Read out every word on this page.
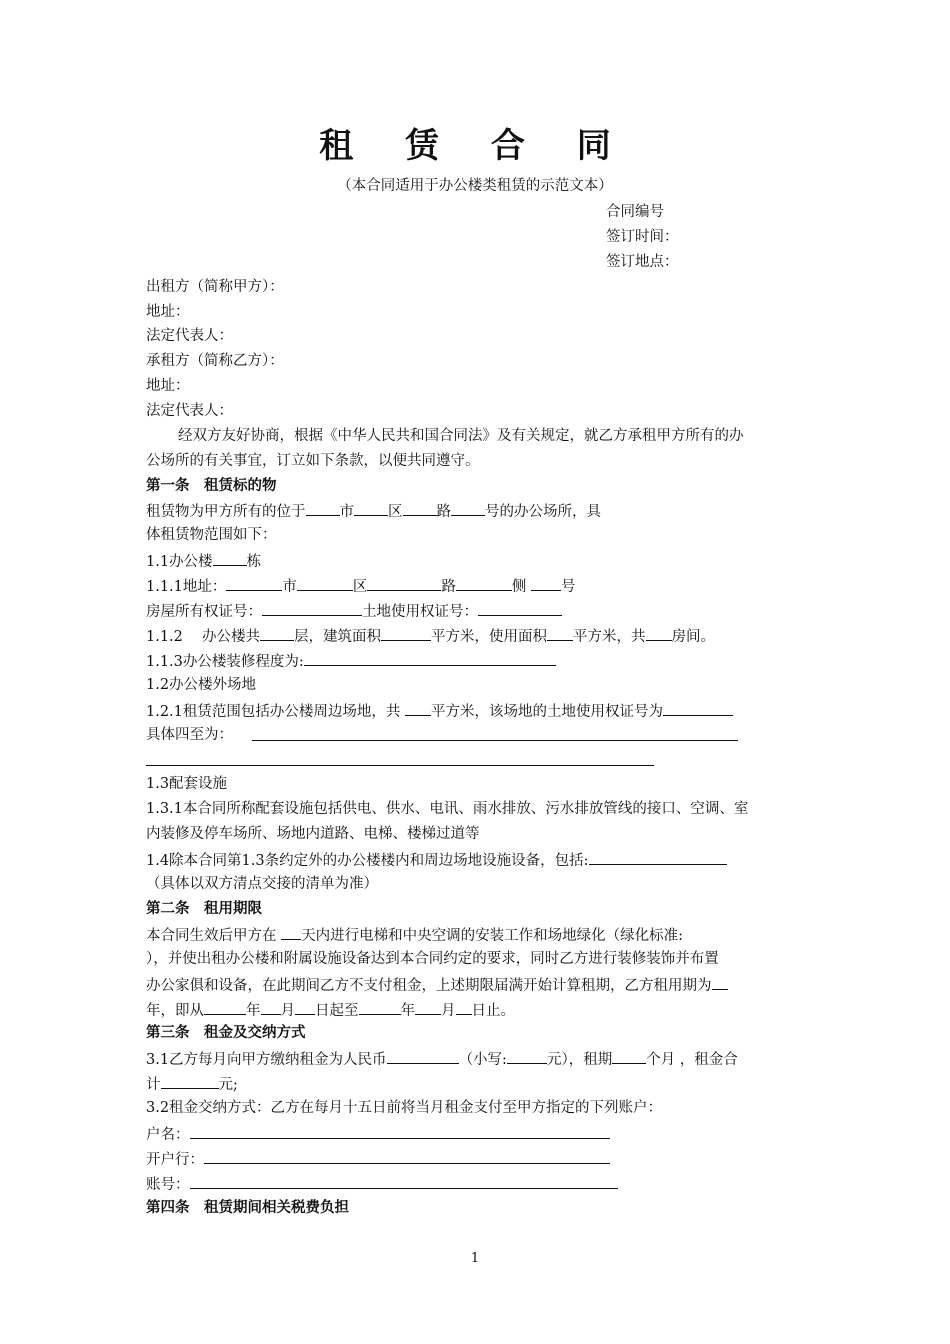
租 赁 合 同
（本合同适用于办公楼类租赁的示范文本）
合同编号
签订时间：
签订地点：
出租方（简称甲方）：
地址：
法定代表人：
承租方（简称乙方）：
地址：
法定代表人：
经双方友好协商，根据《中华人民共和国合同法》及有关规定，就乙方承租甲方所有的办
公场所的有关事宜，订立如下条款，以便共同遵守。
第一条　租赁标的物
租赁物为甲方所有的位于 市 区 路 号的办公场所，具
体租赁物范围如下：
1.1办公楼 栋
1.1.1地址：	市	区	路	侧 号
房屋所有权证号：	土地使用权证号：
1.1.2　 办公楼共 层，建筑面积	平方米，使用面积 平方米，共 房间。
1.1.3办公楼装修程度为:
1.2办公楼外场地
1.2.1租赁范围包括办公楼周边场地，共 平方米，该场地的土地使用权证号为
具体四至为：
1.3配套设施
1.3.1本合同所称配套设施包括供电、供水、电讯、雨水排放、污水排放管线的接口、空调、室
内装修及停车场所、场地内道路、电梯、楼梯过道等
1.4除本合同第1.3条约定外的办公楼楼内和周边场地设施设备，包括:
（具体以双方清点交接的清单为准）
第二条　租用期限
本合同生效后甲方在 天内进行电梯和中央空调的安装工作和场地绿化（绿化标准:
），并使出租办公楼和附属设施设备达到本合同约定的要求，同时乙方进行装修装饰并布置
办公家俱和设备，在此期间乙方不支付租金，上述期限届满开始计算租期，乙方租用期为
年，即从	年 月 日起至	年 月 日止。
第三条　租金及交纳方式
3.1乙方每月向甲方缴纳租金为人民币	（小写:	元），租期 个月 ，租金合
计	元;
3.2租金交纳方式：乙方在每月十五日前将当月租金支付至甲方指定的下列账户：
户名：
开户行：
账号：
第四条　租赁期间相关税费负担
1
